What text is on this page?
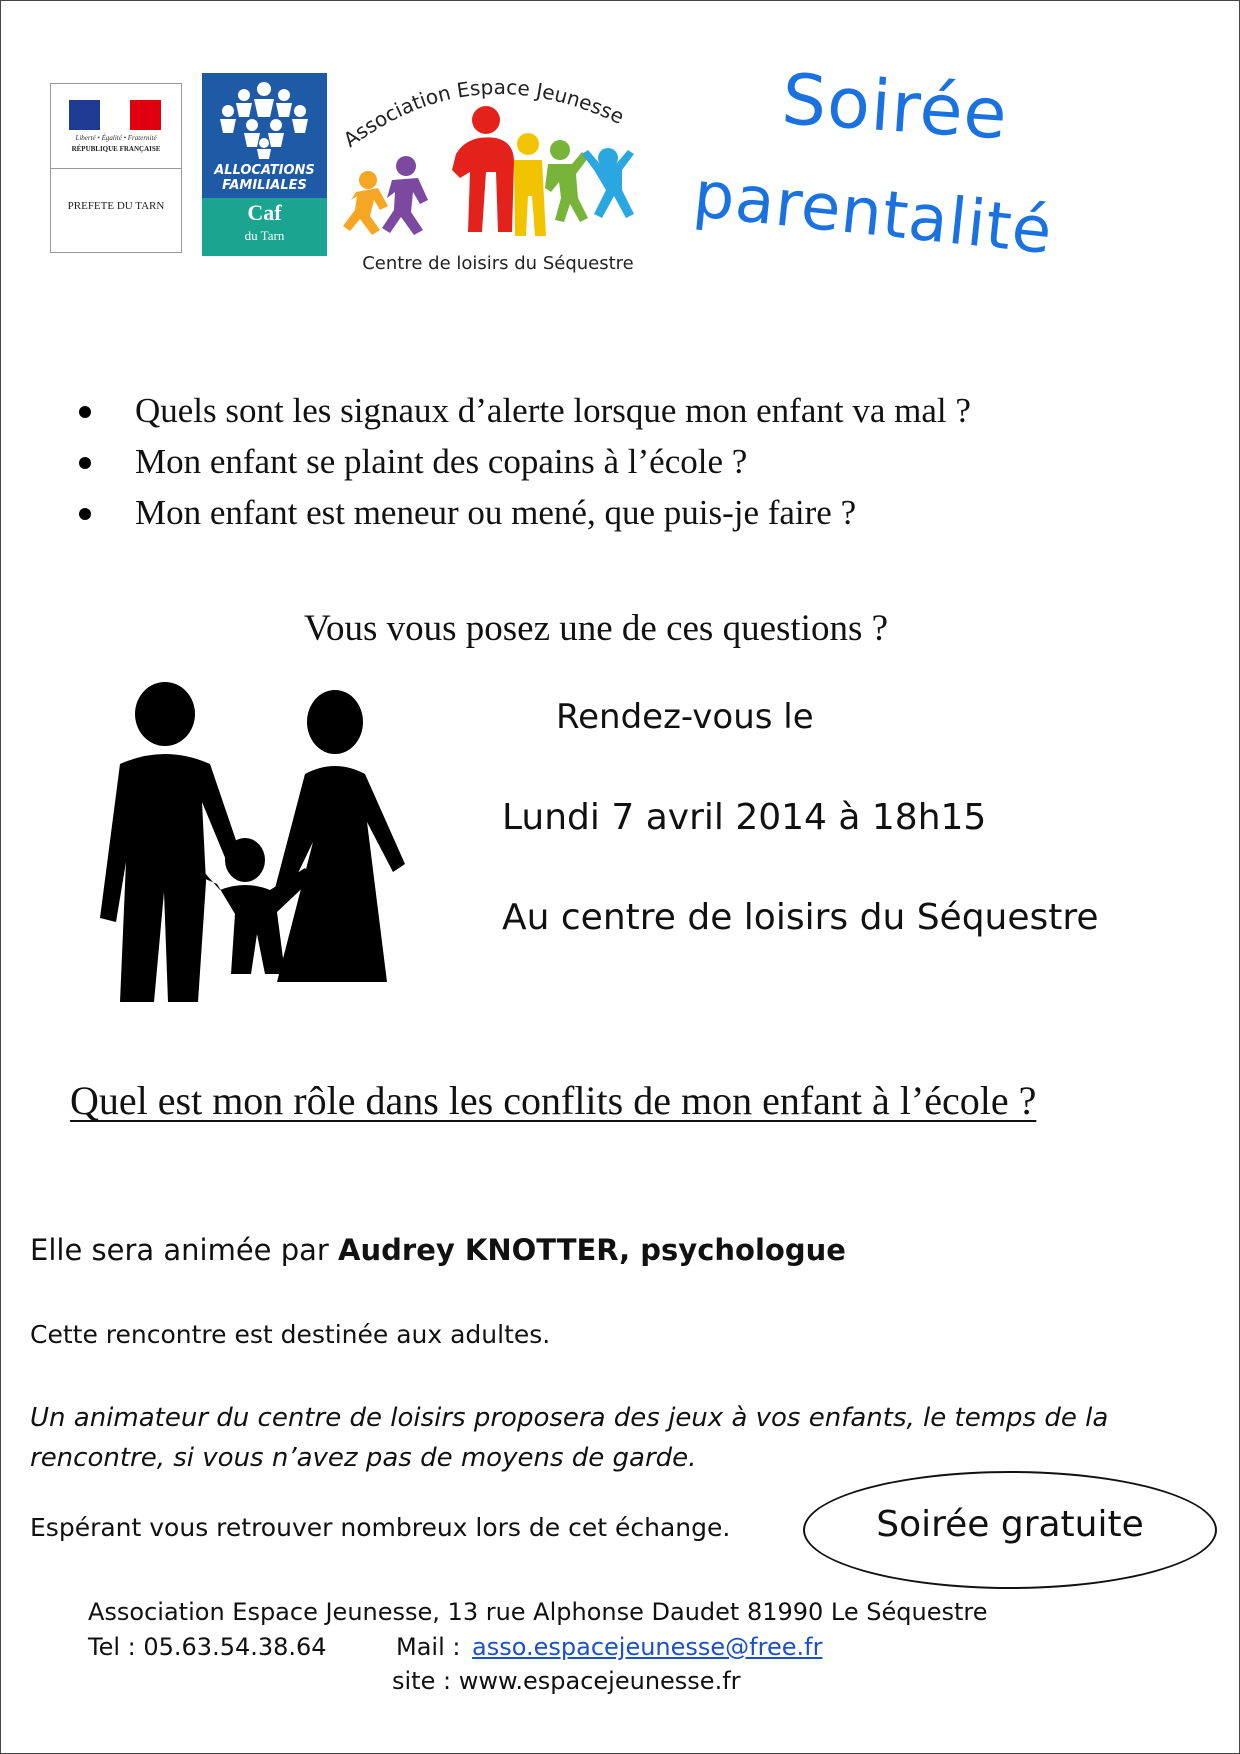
Liberté • Égalité • Fraternité
RÉPUBLIQUE FRANÇAISE
PREFETE DU TARN
ALLOCATIONS
FAMILIALES
Caf
du Tarn
Association Espace Jeunesse
Centre de loisirs du Séquestre
Soirée
parentalité
Quels sont les signaux d’alerte lorsque mon enfant va mal ?
Mon enfant se plaint des copains à l’école ?
Mon enfant est meneur ou mené, que puis-je faire ?
Vous vous posez une de ces questions ?
Rendez-vous le
Lundi 7 avril 2014 à 18h15
Au centre de loisirs du Séquestre
Quel est mon rôle dans les conflits de mon enfant à l’école ?
Elle sera animée par Audrey KNOTTER, psychologue
Cette rencontre est destinée aux adultes.
Un animateur du centre de loisirs proposera des jeux à vos enfants, le temps de la rencontre, si vous n’avez pas de moyens de garde.
Espérant vous retrouver nombreux lors de cet échange.	Soirée gratuite
Association Espace Jeunesse, 13 rue Alphonse Daudet 81990 Le Séquestre
Tel : 05.63.54.38.64	Mail : asso.espacejeunesse@free.fr
site : www.espacejeunesse.fr
